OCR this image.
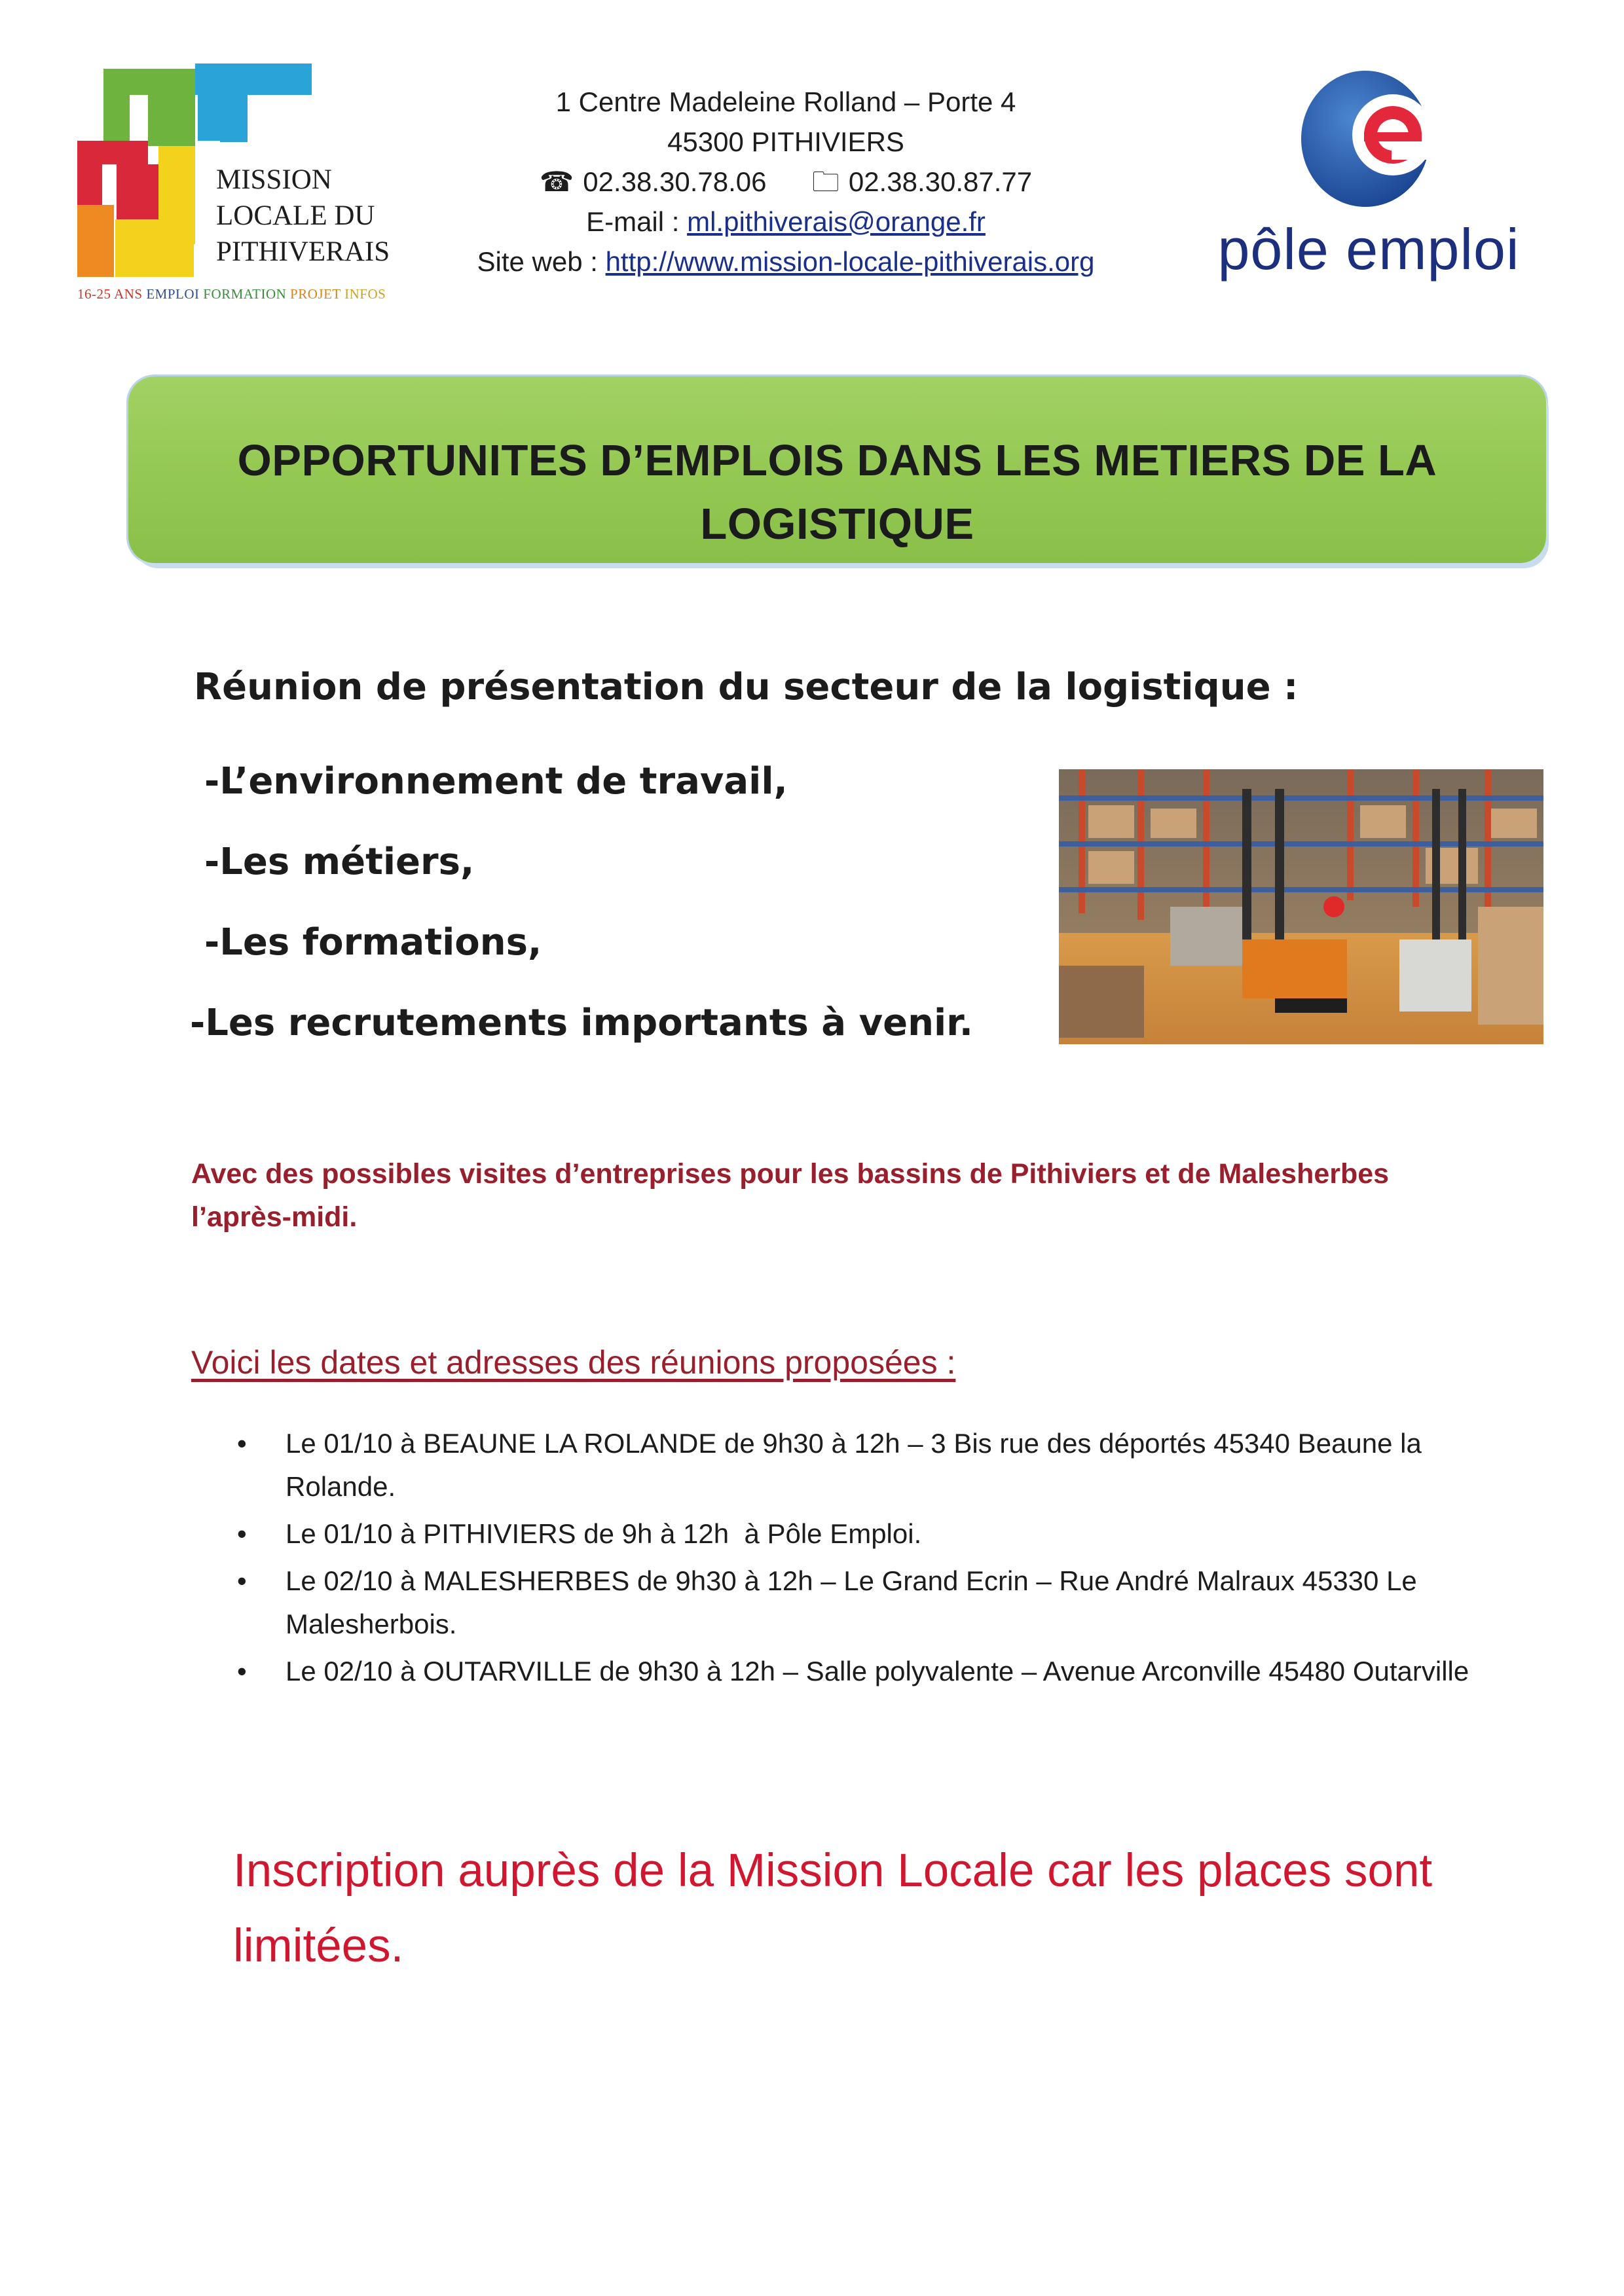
MISSION
LOCALE DU
PITHIVERAIS
16-25 ANS EMPLOI FORMATION PROJET INFOS
1 Centre Madeleine Rolland – Porte 4
45300 PITHIVIERS
☎ 02.38.30.78.06 🗀 02.38.30.87.77
E-mail : ml.pithiverais@orange.fr
Site web : http://www.mission-locale-pithiverais.org	pôle emploi
OPPORTUNITES D’EMPLOIS DANS LES METIERS DE LA
LOGISTIQUE
Réunion de présentation du secteur de la logistique :
-L’environnement de travail,
-Les métiers,
-Les formations,
-Les recrutements importants à venir.
Avec des possibles visites d’entreprises pour les bassins de Pithiviers et de Malesherbes l’après-midi.
Voici les dates et adresses des réunions proposées :
• Le 01/10 à BEAUNE LA ROLANDE de 9h30 à 12h – 3 Bis rue des déportés 45340 Beaune la Rolande.
• Le 01/10 à PITHIVIERS de 9h à 12h  à Pôle Emploi.
• Le 02/10 à MALESHERBES de 9h30 à 12h – Le Grand Ecrin – Rue André Malraux 45330 Le Malesherbois.
• Le 02/10 à OUTARVILLE de 9h30 à 12h – Salle polyvalente – Avenue Arconville 45480 Outarville
Inscription auprès de la Mission Locale car les places sont limitées.
